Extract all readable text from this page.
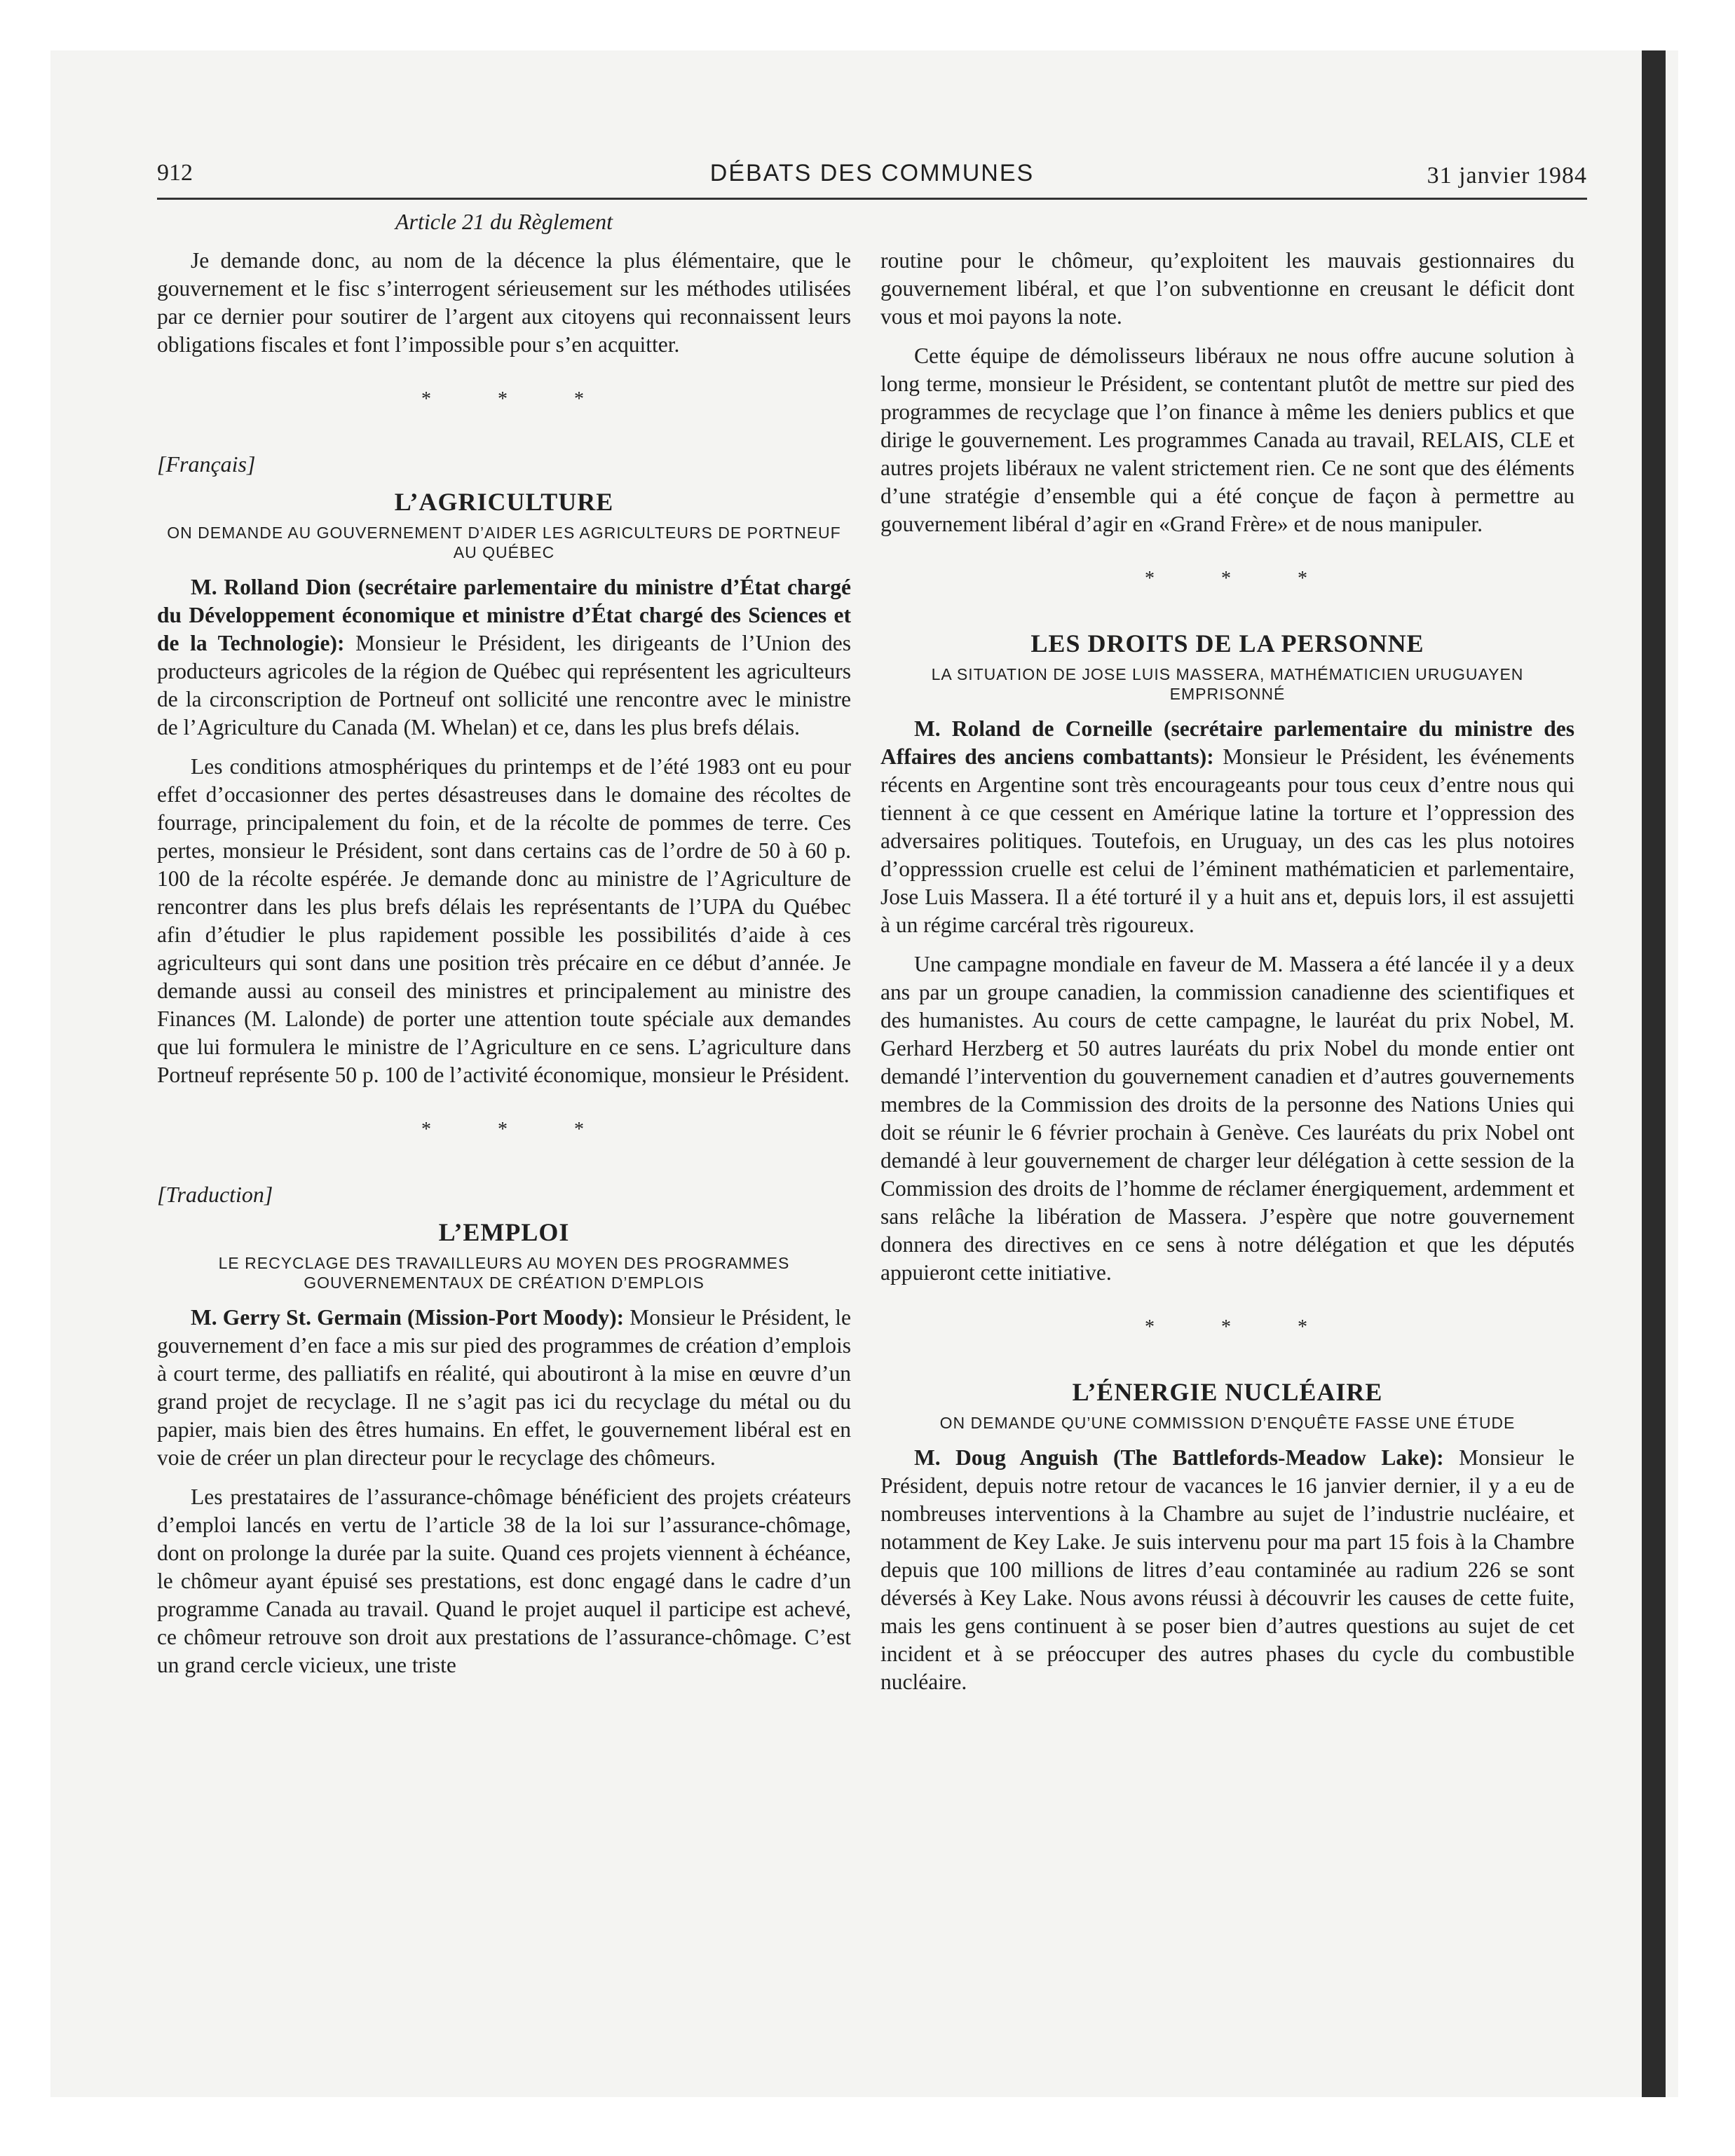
912	DÉBATS DES COMMUNES	31 janvier 1984
Article 21 du Règlement

Je demande donc, au nom de la décence la plus élémentaire, que le gouvernement et le fisc s’interrogent sérieusement sur les méthodes utilisées par ce dernier pour soutirer de l’argent aux citoyens qui reconnaissent leurs obligations fiscales et font l’impossible pour s’en acquitter.

* * *
[Français]
L’AGRICULTURE
ON DEMANDE AU GOUVERNEMENT D’AIDER LES AGRICULTEURS DE PORTNEUF AU QUÉBEC

M. Rolland Dion (secrétaire parlementaire du ministre d’État chargé du Développement économique et ministre d’État chargé des Sciences et de la Technologie): Monsieur le Président, les dirigeants de l’Union des producteurs agricoles de la région de Québec qui représentent les agriculteurs de la circonscription de Portneuf ont sollicité une rencontre avec le ministre de l’Agriculture du Canada (M. Whelan) et ce, dans les plus brefs délais.

Les conditions atmosphériques du printemps et de l’été 1983 ont eu pour effet d’occasionner des pertes désastreuses dans le domaine des récoltes de fourrage, principalement du foin, et de la récolte de pommes de terre. Ces pertes, monsieur le Président, sont dans certains cas de l’ordre de 50 à 60 p. 100 de la récolte espérée. Je demande donc au ministre de l’Agriculture de rencontrer dans les plus brefs délais les représentants de l’UPA du Québec afin d’étudier le plus rapidement possible les possibilités d’aide à ces agriculteurs qui sont dans une position très précaire en ce début d’année. Je demande aussi au conseil des ministres et principalement au ministre des Finances (M. Lalonde) de porter une attention toute spéciale aux demandes que lui formulera le ministre de l’Agriculture en ce sens. L’agriculture dans Portneuf représente 50 p. 100 de l’activité économique, monsieur le Président.

* * *
[Traduction]
L’EMPLOI
LE RECYCLAGE DES TRAVAILLEURS AU MOYEN DES PROGRAMMES GOUVERNEMENTAUX DE CRÉATION D’EMPLOIS

M. Gerry St. Germain (Mission-Port Moody): Monsieur le Président, le gouvernement d’en face a mis sur pied des programmes de création d’emplois à court terme, des palliatifs en réalité, qui aboutiront à la mise en œuvre d’un grand projet de recyclage. Il ne s’agit pas ici du recyclage du métal ou du papier, mais bien des êtres humains. En effet, le gouvernement libéral est en voie de créer un plan directeur pour le recyclage des chômeurs.

Les prestataires de l’assurance-chômage bénéficient des projets créateurs d’emploi lancés en vertu de l’article 38 de la loi sur l’assurance-chômage, dont on prolonge la durée par la suite. Quand ces projets viennent à échéance, le chômeur ayant épuisé ses prestations, est donc engagé dans le cadre d’un programme Canada au travail. Quand le projet auquel il participe est achevé, ce chômeur retrouve son droit aux prestations de l’assurance-chômage. C’est un grand cercle vicieux, une triste

routine pour le chômeur, qu’exploitent les mauvais gestionnaires du gouvernement libéral, et que l’on subventionne en creusant le déficit dont vous et moi payons la note.

Cette équipe de démolisseurs libéraux ne nous offre aucune solution à long terme, monsieur le Président, se contentant plutôt de mettre sur pied des programmes de recyclage que l’on finance à même les deniers publics et que dirige le gouvernement. Les programmes Canada au travail, RELAIS, CLE et autres projets libéraux ne valent strictement rien. Ce ne sont que des éléments d’une stratégie d’ensemble qui a été conçue de façon à permettre au gouvernement libéral d’agir en «Grand Frère» et de nous manipuler.

* * *
LES DROITS DE LA PERSONNE
LA SITUATION DE JOSE LUIS MASSERA, MATHÉMATICIEN URUGUAYEN EMPRISONNÉ

M. Roland de Corneille (secrétaire parlementaire du ministre des Affaires des anciens combattants): Monsieur le Président, les événements récents en Argentine sont très encourageants pour tous ceux d’entre nous qui tiennent à ce que cessent en Amérique latine la torture et l’oppression des adversaires politiques. Toutefois, en Uruguay, un des cas les plus notoires d’oppresssion cruelle est celui de l’éminent mathématicien et parlementaire, Jose Luis Massera. Il a été torturé il y a huit ans et, depuis lors, il est assujetti à un régime carcéral très rigoureux.

Une campagne mondiale en faveur de M. Massera a été lancée il y a deux ans par un groupe canadien, la commission canadienne des scientifiques et des humanistes. Au cours de cette campagne, le lauréat du prix Nobel, M. Gerhard Herzberg et 50 autres lauréats du prix Nobel du monde entier ont demandé l’intervention du gouvernement canadien et d’autres gouvernements membres de la Commission des droits de la personne des Nations Unies qui doit se réunir le 6 février prochain à Genève. Ces lauréats du prix Nobel ont demandé à leur gouvernement de charger leur délégation à cette session de la Commission des droits de l’homme de réclamer énergiquement, ardemment et sans relâche la libération de Massera. J’espère que notre gouvernement donnera des directives en ce sens à notre délégation et que les députés appuieront cette initiative.

* * *
L’ÉNERGIE NUCLÉAIRE
ON DEMANDE QU’UNE COMMISSION D’ENQUÊTE FASSE UNE ÉTUDE

M. Doug Anguish (The Battlefords-Meadow Lake): Monsieur le Président, depuis notre retour de vacances le 16 janvier dernier, il y a eu de nombreuses interventions à la Chambre au sujet de l’industrie nucléaire, et notamment de Key Lake. Je suis intervenu pour ma part 15 fois à la Chambre depuis que 100 millions de litres d’eau contaminée au radium 226 se sont déversés à Key Lake. Nous avons réussi à découvrir les causes de cette fuite, mais les gens continuent à se poser bien d’autres questions au sujet de cet incident et à se préoccuper des autres phases du cycle du combustible nucléaire.
